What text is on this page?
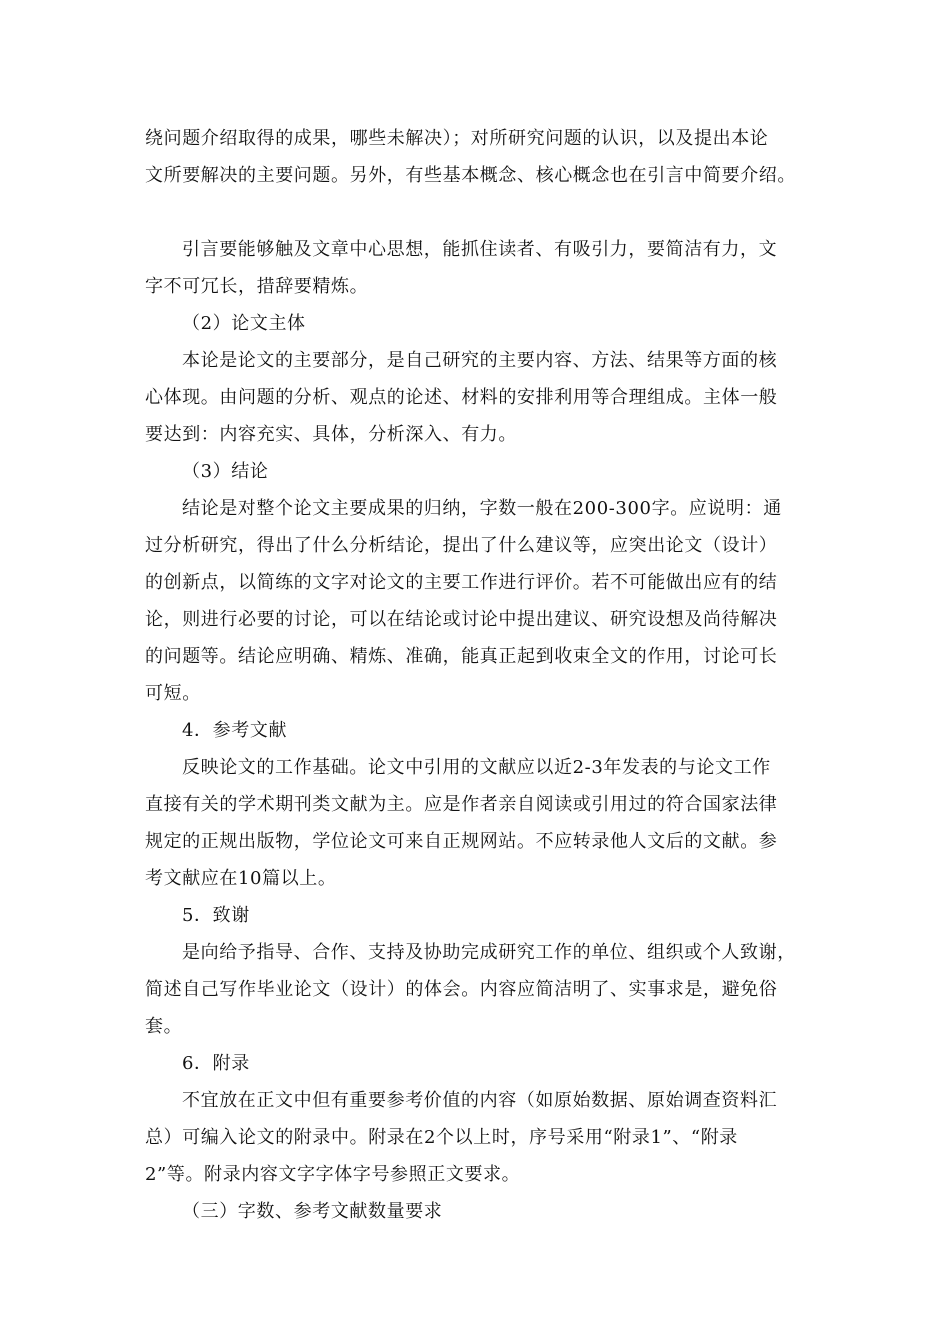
绕问题介绍取得的成果，哪些未解决）；对所研究问题的认识，以及提出本论
文所要解决的主要问题。另外，有些基本概念、核心概念也在引言中简要介绍。
引言要能够触及文章中心思想，能抓住读者、有吸引力，要简洁有力，文
字不可冗长，措辞要精炼。
（2）论文主体
本论是论文的主要部分，是自己研究的主要内容、方法、结果等方面的核
心体现。由问题的分析、观点的论述、材料的安排利用等合理组成。主体一般
要达到：内容充实、具体，分析深入、有力。
（3）结论
结论是对整个论文主要成果的归纳，字数一般在200-300字。应说明：通
过分析研究，得出了什么分析结论，提出了什么建议等，应突出论文（设计）
的创新点，以简练的文字对论文的主要工作进行评价。若不可能做出应有的结
论，则进行必要的讨论，可以在结论或讨论中提出建议、研究设想及尚待解决
的问题等。结论应明确、精炼、准确，能真正起到收束全文的作用，讨论可长
可短。
4．参考文献
反映论文的工作基础。论文中引用的文献应以近2-3年发表的与论文工作
直接有关的学术期刊类文献为主。应是作者亲自阅读或引用过的符合国家法律
规定的正规出版物，学位论文可来自正规网站。不应转录他人文后的文献。参
考文献应在10篇以上。
5．致谢
是向给予指导、合作、支持及协助完成研究工作的单位、组织或个人致谢，
简述自己写作毕业论文（设计）的体会。内容应简洁明了、实事求是，避免俗
套。
6．附录
不宜放在正文中但有重要参考价值的内容（如原始数据、原始调查资料汇
总）可编入论文的附录中。附录在2个以上时，序号采用“附录1”、“附录
2”等。附录内容文字字体字号参照正文要求。
（三）字数、参考文献数量要求
